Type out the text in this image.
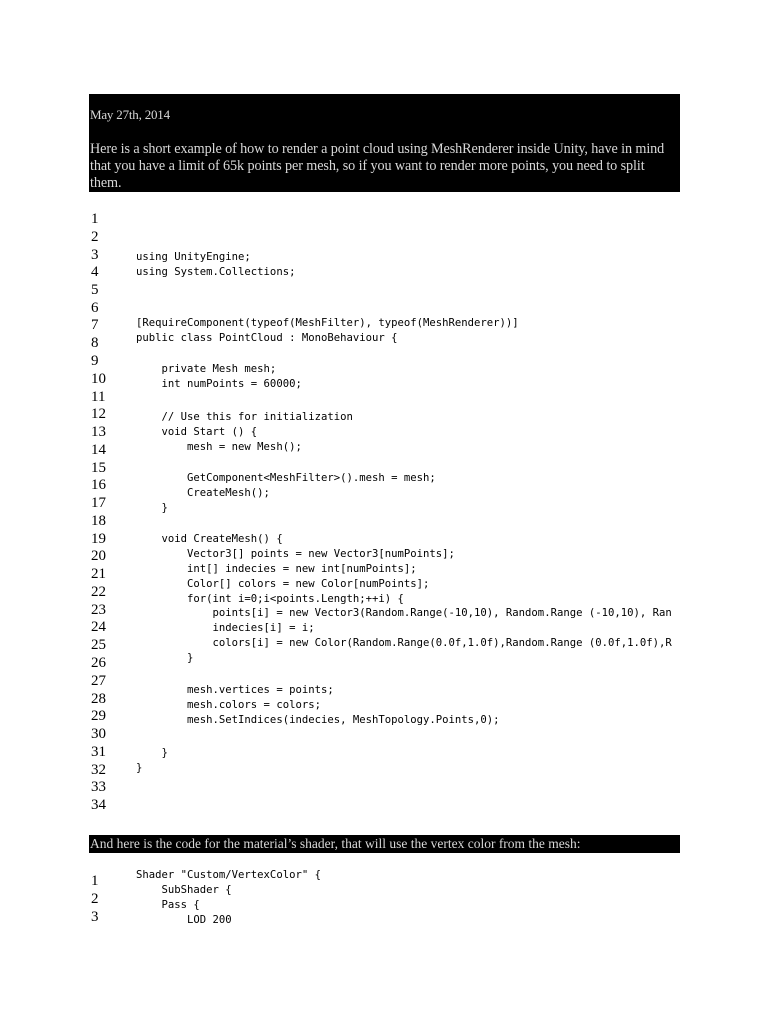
May 27th, 2014
Here is a short example of how to render a point cloud using MeshRenderer inside Unity, have in mind that you have a limit of 65k points per mesh, so if you want to render more points, you need to split them.
1
2
3
4
5
6
7
8
9
10
11
12
13
14
15
16
17
18
19
20
21
22
23
24
25
26
27
28
29
30
31
32
33
34
using UnityEngine;
using System.Collections;
[RequireComponent(typeof(MeshFilter), typeof(MeshRenderer))]
public class PointCloud : MonoBehaviour {
private Mesh mesh;
int numPoints = 60000;
// Use this for initialization
void Start () {
mesh = new Mesh();
GetComponent<MeshFilter>().mesh = mesh;
CreateMesh();
}
void CreateMesh() {
Vector3[] points = new Vector3[numPoints];
int[] indecies = new int[numPoints];
Color[] colors = new Color[numPoints];
for(int i=0;i<points.Length;++i) {
points[i] = new Vector3(Random.Range(-10,10), Random.Range (-10,10), Ran
indecies[i] = i;
colors[i] = new Color(Random.Range(0.0f,1.0f),Random.Range (0.0f,1.0f),R
}
mesh.vertices = points;
mesh.colors = colors;
mesh.SetIndices(indecies, MeshTopology.Points,0);
}
}
And here is the code for the material’s shader, that will use the vertex color from the mesh:
1
2
3
Shader "Custom/VertexColor" {
SubShader {
Pass {
LOD 200
